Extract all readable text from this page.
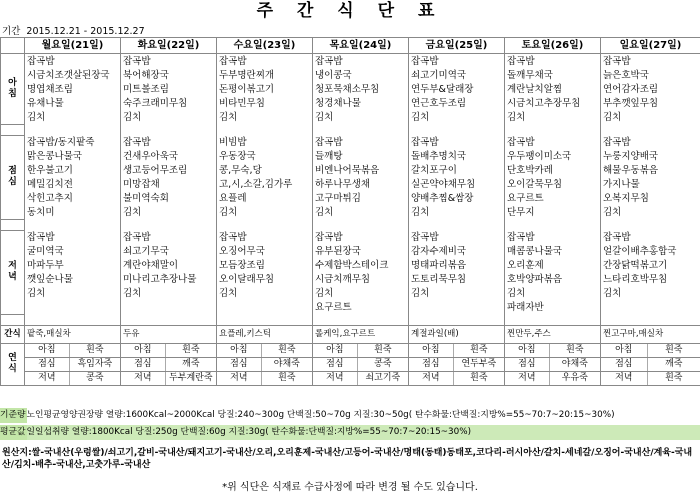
주 간 식 단 표
기간  2015.12.21 - 2015.12.27
	월요일(21일)	화요일(22일)	수요일(23일)	목요일(24일)	금요일(25일)	토요일(26일)	일요일(27일)
아
침	잡곡밥	잡곡밥	잡곡밥	잡곡밥	잡곡밥	잡곡밥	잡곡밥
	시금치조갯살된장국	북어해장국	두부명란찌개	냉이콩국	쇠고기미역국	돌깨무채국	늙은호박국
	명엽채조림	미트볼조림	돈평이볶고기	청포묵채소무침	연두부&달래장	계란날치알찜	연어감자조림
	유채나물	숙주크래미무침	비타민무침	청경채나물	연근호두조림	시금치고추장무침	부추깻잎무침
	김치	김치	김치	김치	김치	김치	김치

점
심	잡곡밥/동지팥죽	잡곡밥	비빔밥	잡곡밥	잡곡밥	잡곡밥	잡곡밥
	맑은콩나물국	건새우아욱국	우동장국	들깨탕	돌배추명치국	우두팽이미소국	누룽지양배국
	한우불고기	생고등어무조림	콩,무숙,당	비엔나어묵볶음	갈치포구이	단호박카레	해물우동볶음
	메밀김치전	미망잡채	고,시,소갈,김가루	하루나무생채	실곤약야채무침	오이갈묵무침	가지나물
	삭힌고추지	불미역숙회	요플레	고구마튀김	양배추찜&쌈장	요구르트	오복지무침
	동치미	김치	김치	김치	김치	단무지	김치

저
녁	잡곡밥	잡곡밥	잡곡밥	잡곡밥	잡곡밥	잡곡밥	잡곡밥
	굴미역국	쇠고기무국	오징어무국	유부된장국	감자수제비국	매콤콩나물국	얼갈이배추홍합국
	마파두부	계란야채말이	모듬장조림	수제함박스테이크	명태파리볶음	오리훈제	간장닭떡볶고기
	깻잎순나물	미나리고추장나물	오이달래무침	시금치깨무침	도토리묵무침	호박양파볶음	느타리호박무침
	김치	김치	김치	김치	김치	김치	김치
				요구르트		파래자반	

간식	팥죽,매실차	두유	요플레,키스틱	롤케익,요구르트	계절과일(배)	찐만두,주스	찐고구마,매실차
연
식	아침 흰죽	아침 흰죽	아침 흰죽	아침 흰죽	아침 흰죽	아침 흰죽	아침 흰죽

	점심 흑임자죽	점심 깨죽	점심 야채죽	점심 콩죽	점심 연두부죽	점심 야채죽	점심 깨죽

	저녁 콩죽	저녁 두부계란죽	저녁 흰죽	저녁 쇠고기죽	저녁 흰죽	저녁 우유죽	저녁 흰죽
기준량노인평균영양권장량 열량:1600Kcal~2000Kcal 당질:240~300g 단백질:50~70g 지질:30~50g( 탄수화물:단백질:지방%=55~70:7~20:15~30%)
평균값일일섭취량 열량:1800Kcal 당질:250g 단백질:60g 지질:30g( 탄수화물:단백질:지방%=55~70:7~20:15~30%)
원산지:쌀-국내산(우렁쌀)/쇠고기,갈비-국내산/돼지고기-국내산/오리,오리훈제-국내산/고등어-국내산/명태(동태)동태포,코다리-러시아산/갈치-세네갈/오징어-국내산/계육-국내산/김치-배추-국내산,고춧가루-국내산
*위 식단은 식재료 수급사정에 따라 변경 될 수도 있습니다.
